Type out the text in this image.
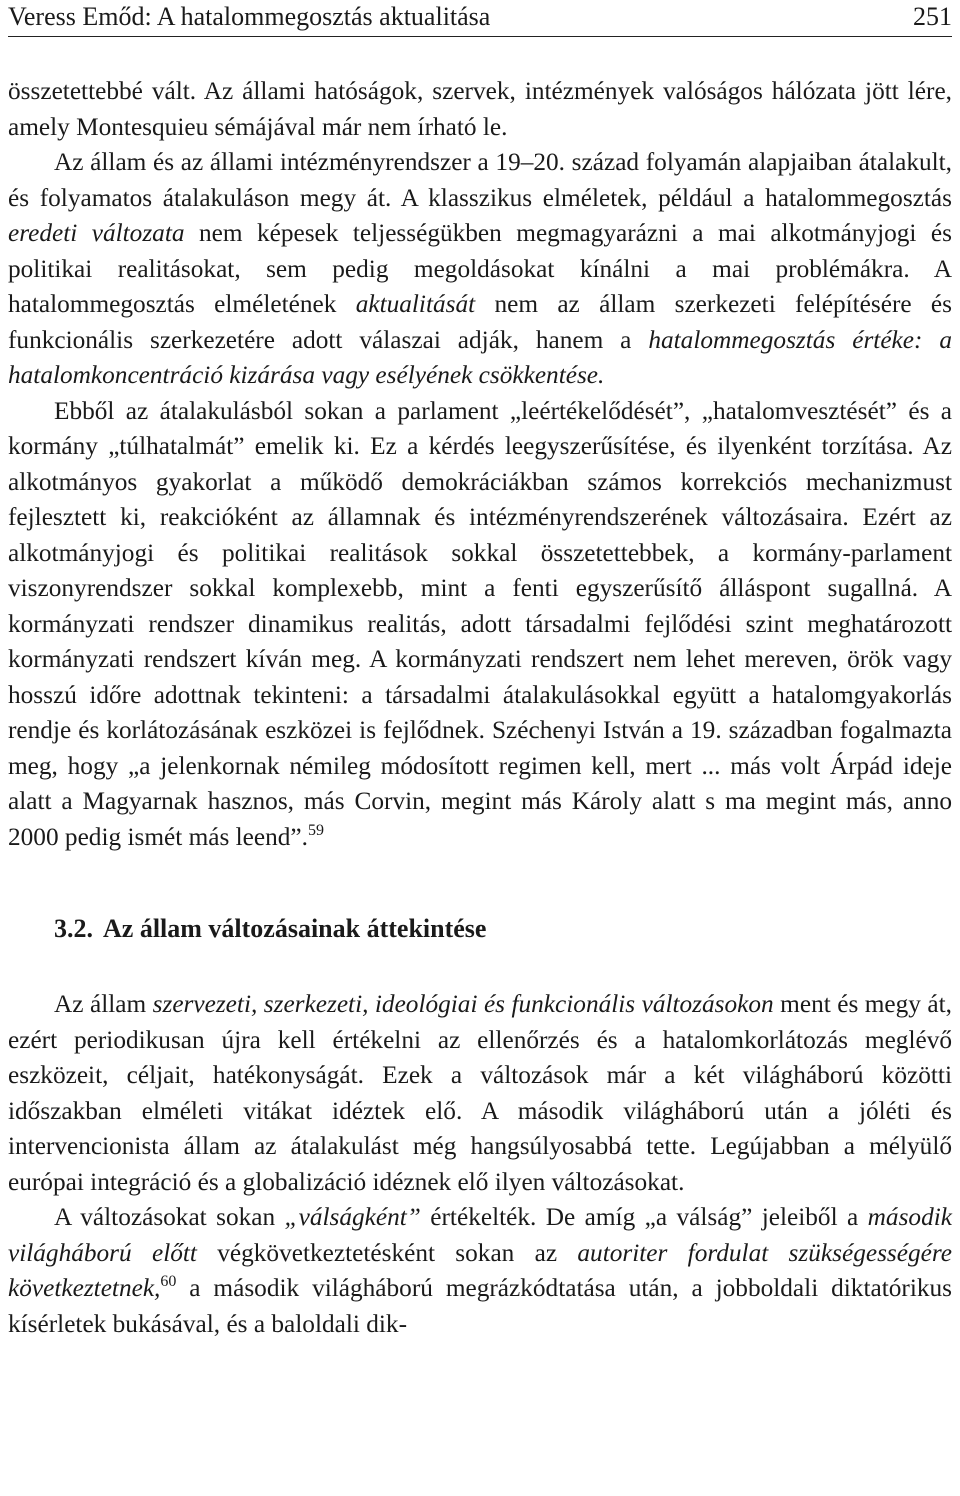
Veress Emőd: A hatalommegosztás aktualitása	251

összetettebbé vált. Az állami hatóságok, szervek, intézmények valóságos hálózata jött lére, amely Montesquieu sémájával már nem írható le.

Az állam és az állami intézményrendszer a 19–20. század folyamán alapjaiban átalakult, és folyamatos átalakuláson megy át. A klasszikus elméletek, például a hatalommegosztás eredeti változata nem képesek teljességükben megmagyarázni a mai alkotmányjogi és politikai realitásokat, sem pedig megoldásokat kínálni a mai problémákra. A hatalommegosztás elméletének aktualitását nem az állam szerkezeti felépítésére és funkcionális szerkezetére adott válaszai adják, hanem a hatalommegosztás értéke: a hatalomkoncentráció kizárása vagy esélyének csökkentése.

Ebből az átalakulásból sokan a parlament „leértékelődését”, „hatalomvesztését” és a kormány „túlhatalmát” emelik ki. Ez a kérdés leegyszerűsítése, és ilyenként torzítása. Az alkotmányos gyakorlat a működő demokráciákban számos korrekciós mechanizmust fejlesztett ki, reakcióként az államnak és intézményrendszerének változásaira. Ezért az alkotmányjogi és politikai realitások sokkal összetettebbek, a kormány-parlament viszonyrendszer sokkal komplexebb, mint a fenti egyszerűsítő álláspont sugallná. A kormányzati rendszer dinamikus realitás, adott társadalmi fejlődési szint meghatározott kormányzati rendszert kíván meg. A kormányzati rendszert nem lehet mereven, örök vagy hosszú időre adottnak tekinteni: a társadalmi átalakulásokkal együtt a hatalomgyakorlás rendje és korlátozásának eszközei is fejlődnek. Széchenyi István a 19. században fogalmazta meg, hogy „a jelenkornak némileg módosított regimen kell, mert ... más volt Árpád ideje alatt a Magyarnak hasznos, más Corvin, megint más Károly alatt s ma megint más, anno 2000 pedig ismét más leend”.$^{59}$

3.2. Az állam változásainak áttekintése

Az állam szervezeti, szerkezeti, ideológiai és funkcionális változásokon ment és megy át, ezért periodikusan újra kell értékelni az ellenőrzés és a hatalomkorlátozás meglévő eszközeit, céljait, hatékonyságát. Ezek a változások már a két világháború közötti időszakban elméleti vitákat idéztek elő. A második világháború után a jóléti és intervencionista állam az átalakulást még hangsúlyosabbá tette. Legújabban a mélyülő európai integráció és a globalizáció idéznek elő ilyen változásokat.

A változásokat sokan „válságként” értékelték. De amíg „a válság” jeleiből a második világháború előtt végkövetkeztetésként sokan az autoriter fordulat szükségességére következtetnek,$^{60}$ a második világháború megrázkódtatása után, a jobboldali diktatórikus kísérletek bukásával, és a baloldali dik-
